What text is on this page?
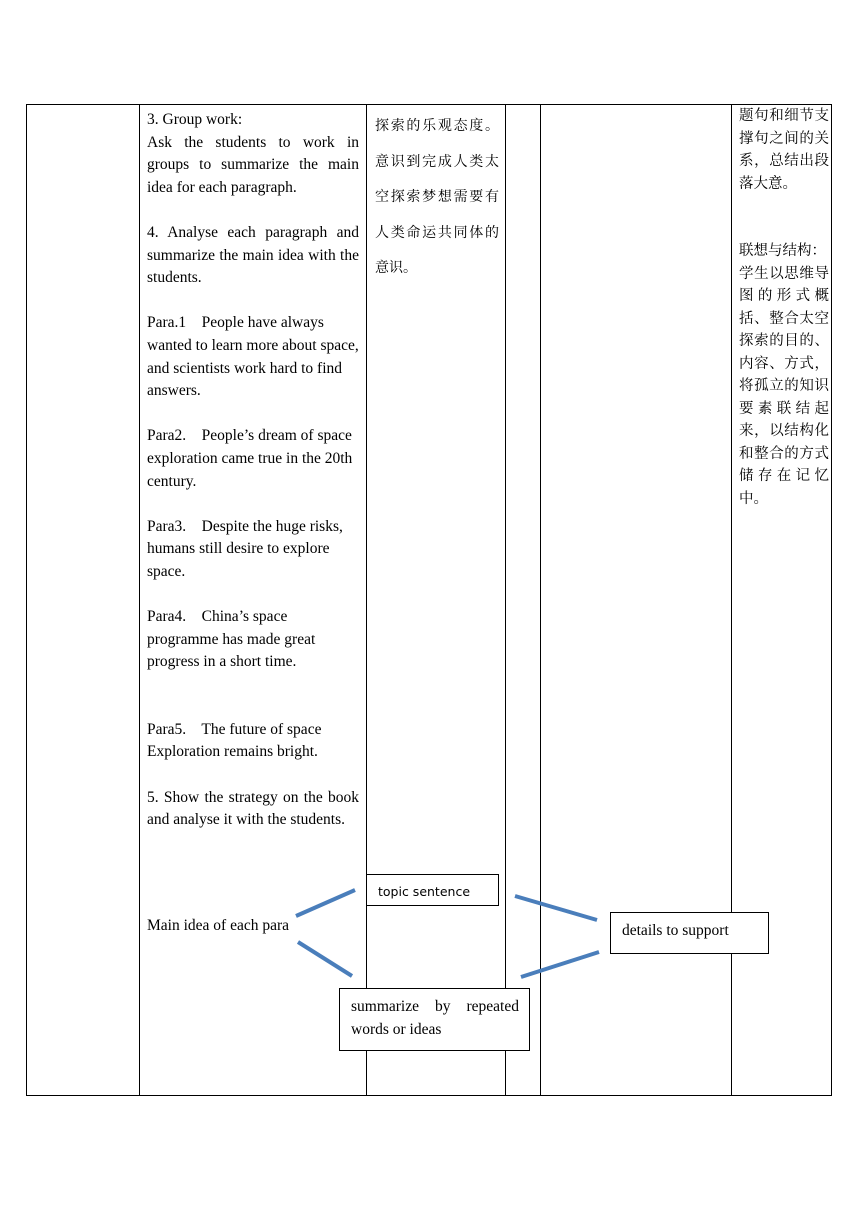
3. Group work:

Ask the students to work in groups to summarize the main idea for each paragraph.

4. Analyse each paragraph and summarize the main idea with the students.

Para.1    People have always wanted to learn more about space, and scientists work hard to find answers.

Para2.    People’s dream of space exploration came true in the 20th century.

Para3.    Despite the huge risks, humans still desire to explore space.

Para4.    China’s space programme has made great progress in a short time.

Para5.    The future of space Exploration remains bright.

5. Show the strategy on the book and analyse it with the students.

探索的乐观态度。意识到完成人类太空探索梦想需要有人类命运共同体的意识。

题句和细节支撑句之间的关系，总结出段落大意。

联想与结构：

学生以思维导图的形式概括、整合太空探索的目的、内容、方式，将孤立的知识要素联结起来，以结构化和整合的方式储存在记忆中。

Main idea of each para
topic sentence
details to support
summarize by repeated words or ideas
